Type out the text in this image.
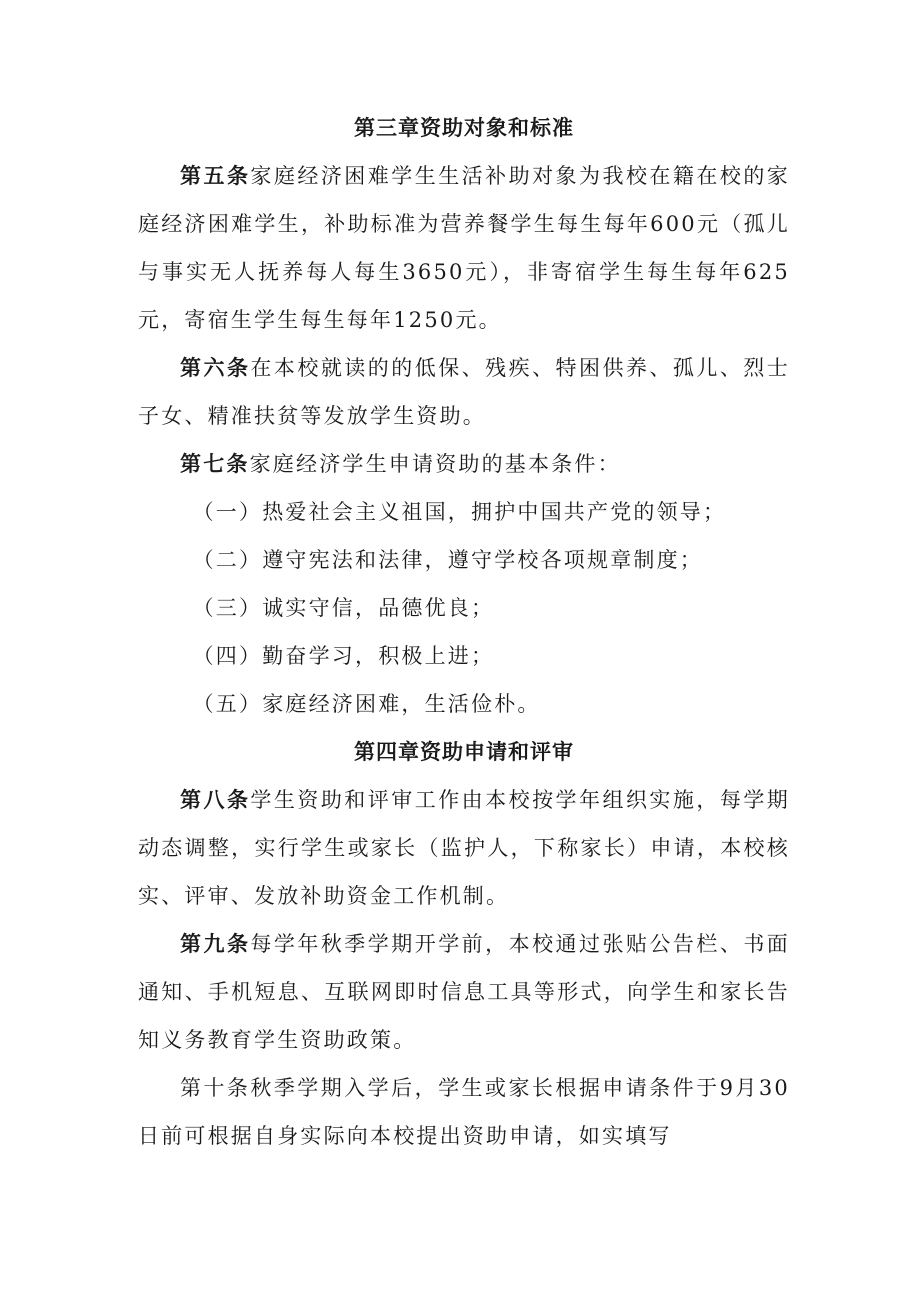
第三章资助对象和标准

第五条家庭经济困难学生生活补助对象为我校在籍在校的家庭经济困难学生，补助标准为营养餐学生每生每年600元（孤儿与事实无人抚养每人每生3650元），非寄宿学生每生每年625元，寄宿生学生每生每年1250元。

第六条在本校就读的的低保、残疾、特困供养、孤儿、烈士子女、精准扶贫等发放学生资助。

第七条家庭经济学生申请资助的基本条件：

（一）热爱社会主义祖国，拥护中国共产党的领导；

（二）遵守宪法和法律，遵守学校各项规章制度；

（三）诚实守信，品德优良；

（四）勤奋学习，积极上进；

（五）家庭经济困难，生活俭朴。

第四章资助申请和评审

第八条学生资助和评审工作由本校按学年组织实施，每学期动态调整，实行学生或家长（监护人，下称家长）申请，本校核实、评审、发放补助资金工作机制。

第九条每学年秋季学期开学前，本校通过张贴公告栏、书面通知、手机短息、互联网即时信息工具等形式，向学生和家长告知义务教育学生资助政策。

第十条秋季学期入学后，学生或家长根据申请条件于9月30日前可根据自身实际向本校提出资助申请，如实填写
